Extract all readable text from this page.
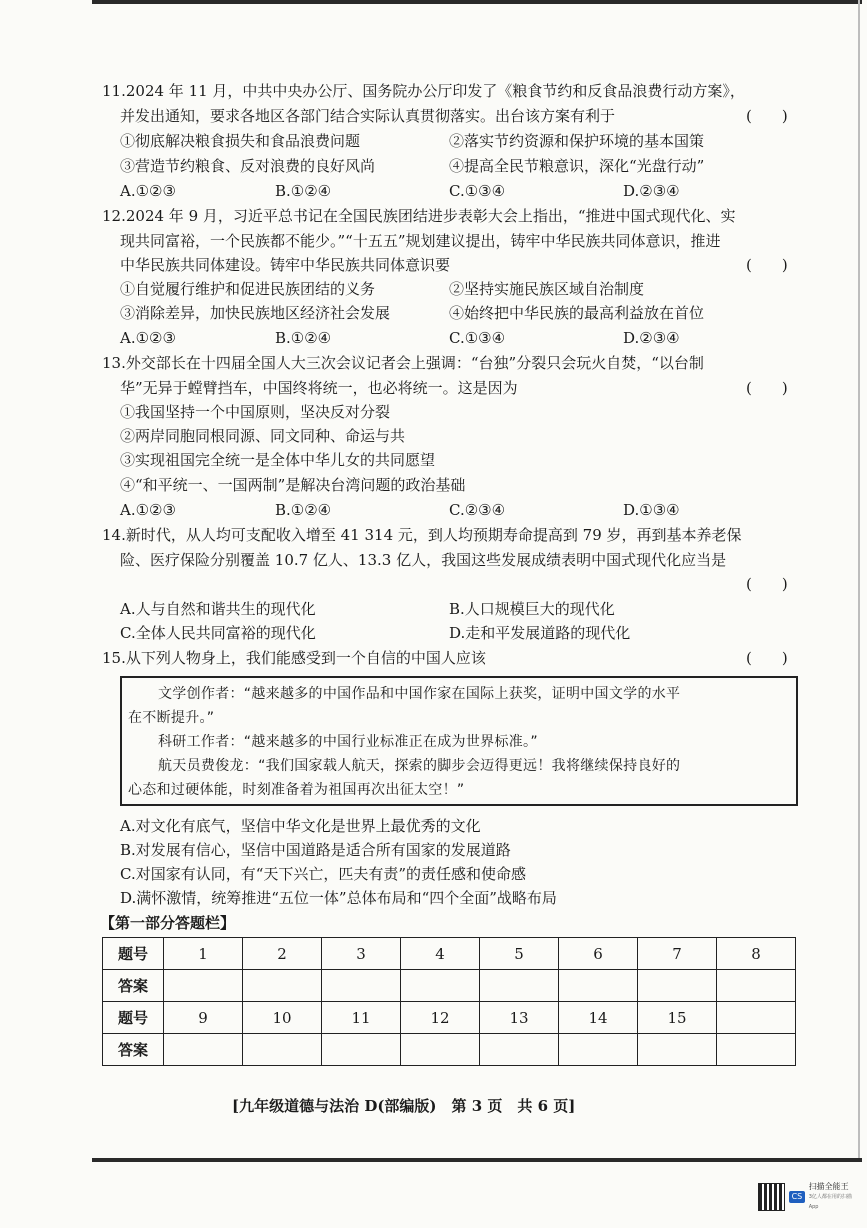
11.2024 年 11 月，中共中央办公厅、国务院办公厅印发了《粮食节约和反食品浪费行动方案》，
并发出通知，要求各地区各部门结合实际认真贯彻落实。出台该方案有利于	(　　)
①彻底解决粮食损失和食品浪费问题	②落实节约资源和保护环境的基本国策
③营造节约粮食、反对浪费的良好风尚	④提高全民节粮意识，深化“光盘行动”
A.①②③	B.①②④	C.①③④	D.②③④
12.2024 年 9 月，习近平总书记在全国民族团结进步表彰大会上指出，“推进中国式现代化、实
现共同富裕，一个民族都不能少。”“十五五”规划建议提出，铸牢中华民族共同体意识，推进
中华民族共同体建设。铸牢中华民族共同体意识要	(　　)
①自觉履行维护和促进民族团结的义务	②坚持实施民族区域自治制度
③消除差异，加快民族地区经济社会发展	④始终把中华民族的最高利益放在首位
A.①②③	B.①②④	C.①③④	D.②③④
13.外交部长在十四届全国人大三次会议记者会上强调：“台独”分裂只会玩火自焚，“以台制
华”无异于螳臂挡车，中国终将统一，也必将统一。这是因为	(　　)
①我国坚持一个中国原则，坚决反对分裂
②两岸同胞同根同源、同文同种、命运与共
③实现祖国完全统一是全体中华儿女的共同愿望
④“和平统一、一国两制”是解决台湾问题的政治基础
A.①②③	B.①②④	C.②③④	D.①③④
14.新时代，从人均可支配收入增至 41 314 元，到人均预期寿命提高到 79 岁，再到基本养老保
险、医疗保险分别覆盖 10.7 亿人、13.3 亿人，我国这些发展成绩表明中国式现代化应当是
(　　)
A.人与自然和谐共生的现代化	B.人口规模巨大的现代化
C.全体人民共同富裕的现代化	D.走和平发展道路的现代化
15.从下列人物身上，我们能感受到一个自信的中国人应该	(　　)
文学创作者：“越来越多的中国作品和中国作家在国际上获奖，证明中国文学的水平
在不断提升。”
科研工作者：“越来越多的中国行业标准正在成为世界标准。”
航天员费俊龙：“我们国家载人航天，探索的脚步会迈得更远！我将继续保持良好的
心态和过硬体能，时刻准备着为祖国再次出征太空！”
A.对文化有底气，坚信中华文化是世界上最优秀的文化
B.对发展有信心，坚信中国道路是适合所有国家的发展道路
C.对国家有认同，有“天下兴亡，匹夫有责”的责任感和使命感
D.满怀激情，统筹推进“五位一体”总体布局和“四个全面”战略布局
【第一部分答题栏】
题号	1	2	3	4	5	6	7	8
答案								
题号	9	10	11	12	13	14	15	
答案								
[九年级道德与法治 D(部编版)　第 3 页　共 6 页]
CS
扫描全能王
3亿人都在用的扫描App
